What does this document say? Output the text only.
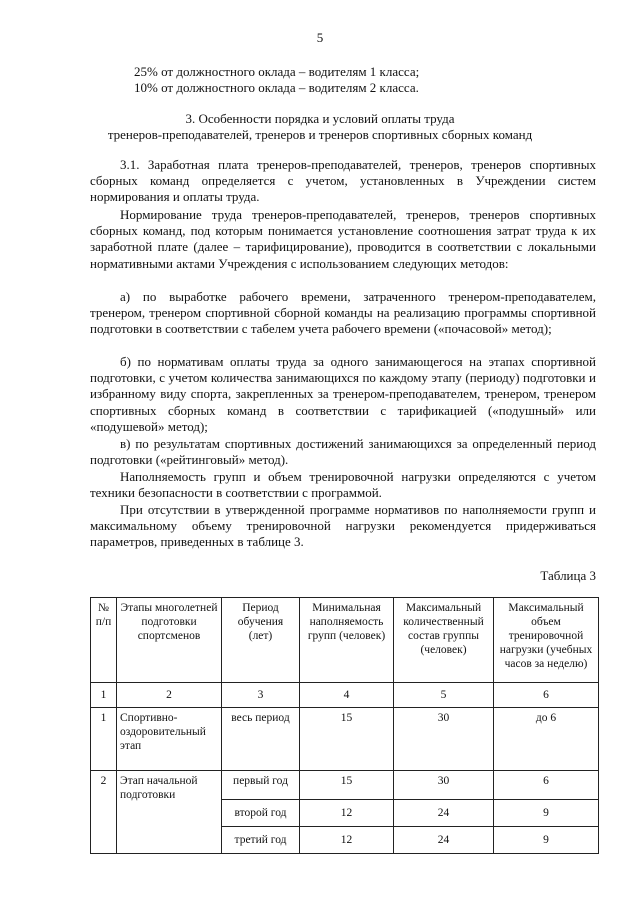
5
25% от должностного оклада – водителям 1 класса;
10% от должностного оклада – водителям 2 класса.
3. Особенности порядка и условий оплаты труда
тренеров-преподавателей, тренеров и тренеров спортивных сборных команд

3.1. Заработная плата тренеров-преподавателей, тренеров, тренеров спортивных сборных команд определяется с учетом, установленных в Учреждении систем нормирования и оплаты труда.

Нормирование труда тренеров-преподавателей, тренеров, тренеров спортивных сборных команд, под которым понимается установление соотношения затрат труда к их заработной плате (далее – тарифицирование), проводится в соответствии с локальными нормативными актами Учреждения с использованием следующих методов:

а) по выработке рабочего времени, затраченного тренером-преподавателем, тренером, тренером спортивной сборной команды на реализацию программы спортивной подготовки в соответствии с табелем учета рабочего времени («почасовой» метод);

б) по нормативам оплаты труда за одного занимающегося на этапах спортивной подготовки, с учетом количества занимающихся по каждому этапу (периоду) подготовки и избранному виду спорта, закрепленных за тренером-преподавателем, тренером, тренером спортивных сборных команд в соответствии с тарификацией («подушный» или «подушевой» метод);

в) по результатам спортивных достижений занимающихся за определенный период подготовки («рейтинговый» метод).

Наполняемость групп и объем тренировочной нагрузки определяются с учетом техники безопасности в соответствии с программой.

При отсутствии в утвержденной программе нормативов по наполняемости групп и максимальному объему тренировочной нагрузки рекомендуется придерживаться параметров, приведенных в таблице 3.

Таблица 3
№ п/п	Этапы многолетней подготовки спортсменов	Период обучения (лет)	Минимальная наполняемость групп (человек)	Максимальный количественный состав группы (человек)	Максимальный объем тренировочной нагрузки (учебных часов за неделю)
1	2	3	4	5	6
1	Спортивно-оздоровительный этап	весь период	15	30	до 6
2	Этап начальной подготовки	первый год	15	30	6
		второй год	12	24	9
		третий год	12	24	9
